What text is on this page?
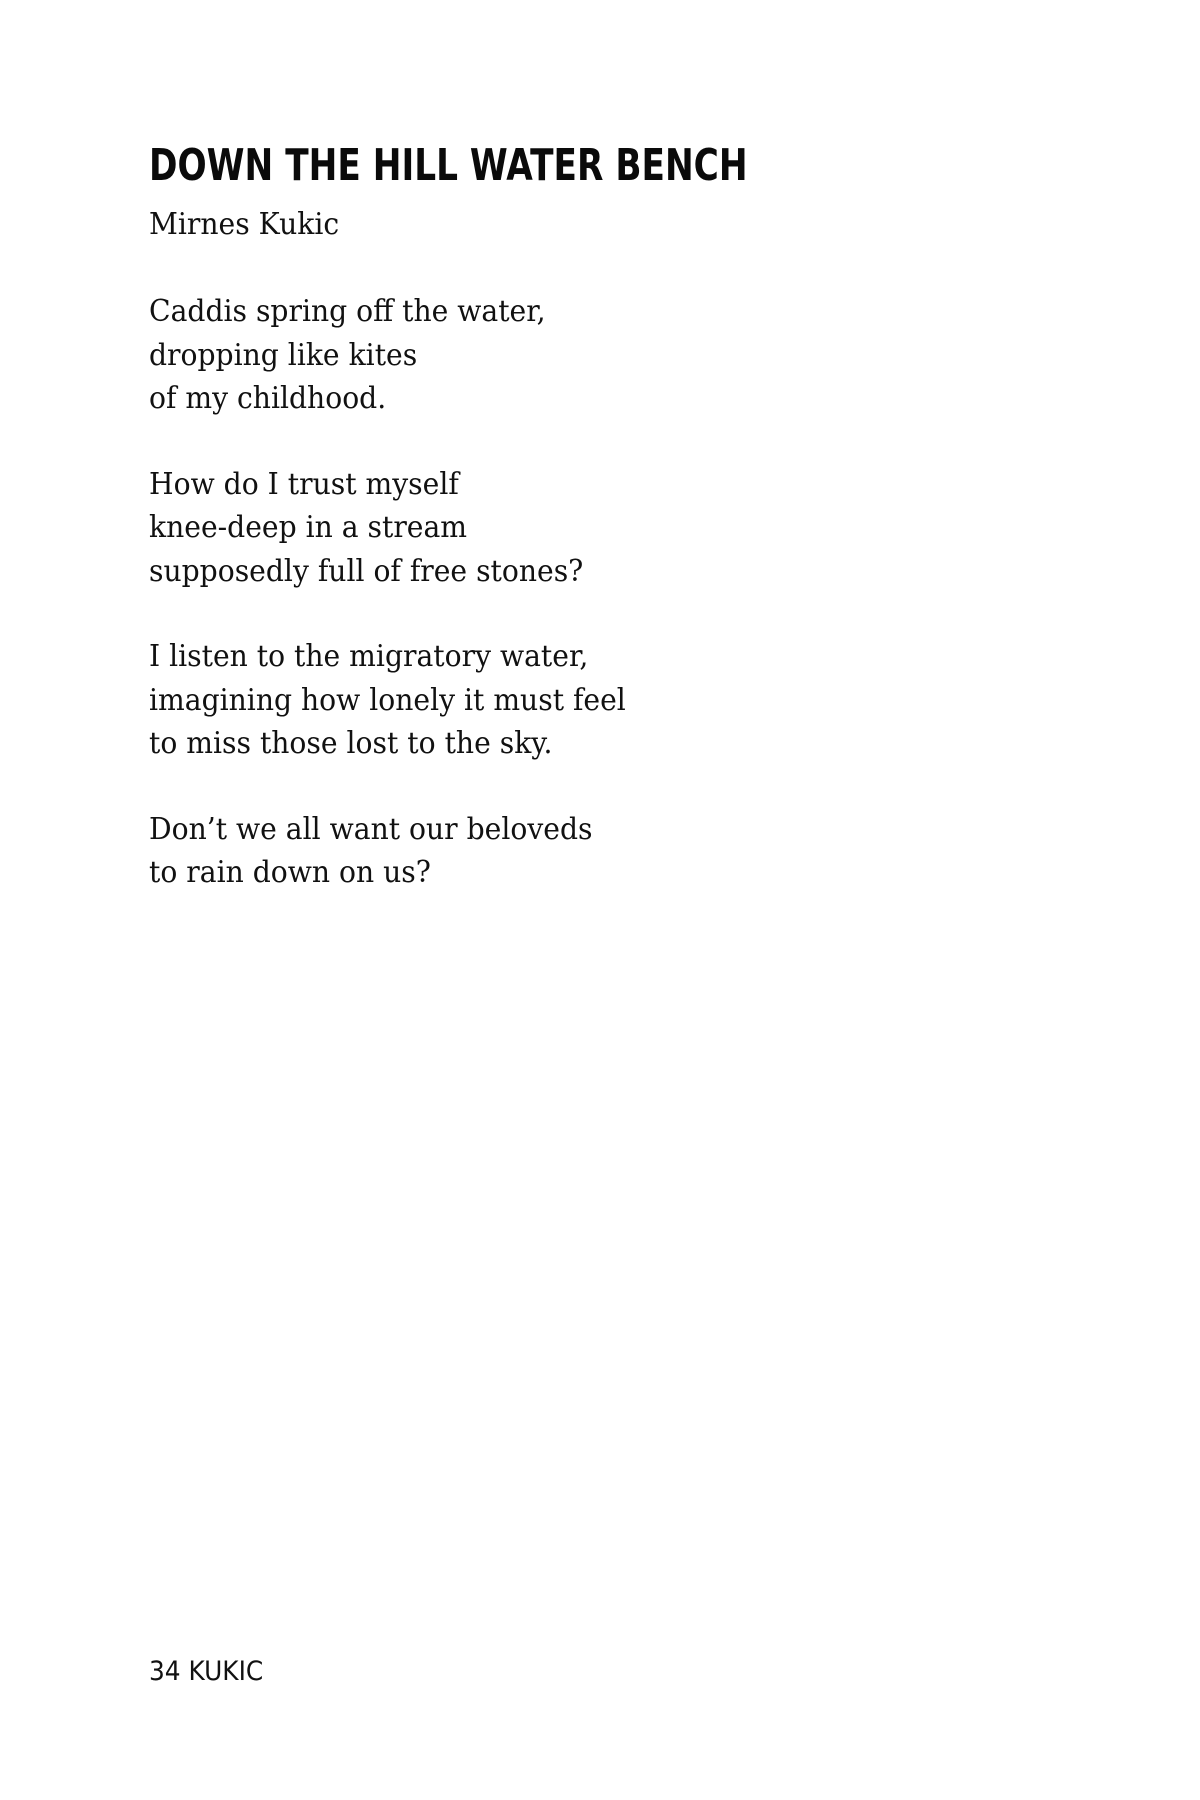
DOWN THE HILL WATER BENCH

Mirnes Kukic

Caddis spring off the water,
dropping like kites
of my childhood.
How do I trust myself
knee-deep in a stream
supposedly full of free stones?
I listen to the migratory water,
imagining how lonely it must feel
to miss those lost to the sky.
Don’t we all want our beloveds
to rain down on us?

34 KUKIC
